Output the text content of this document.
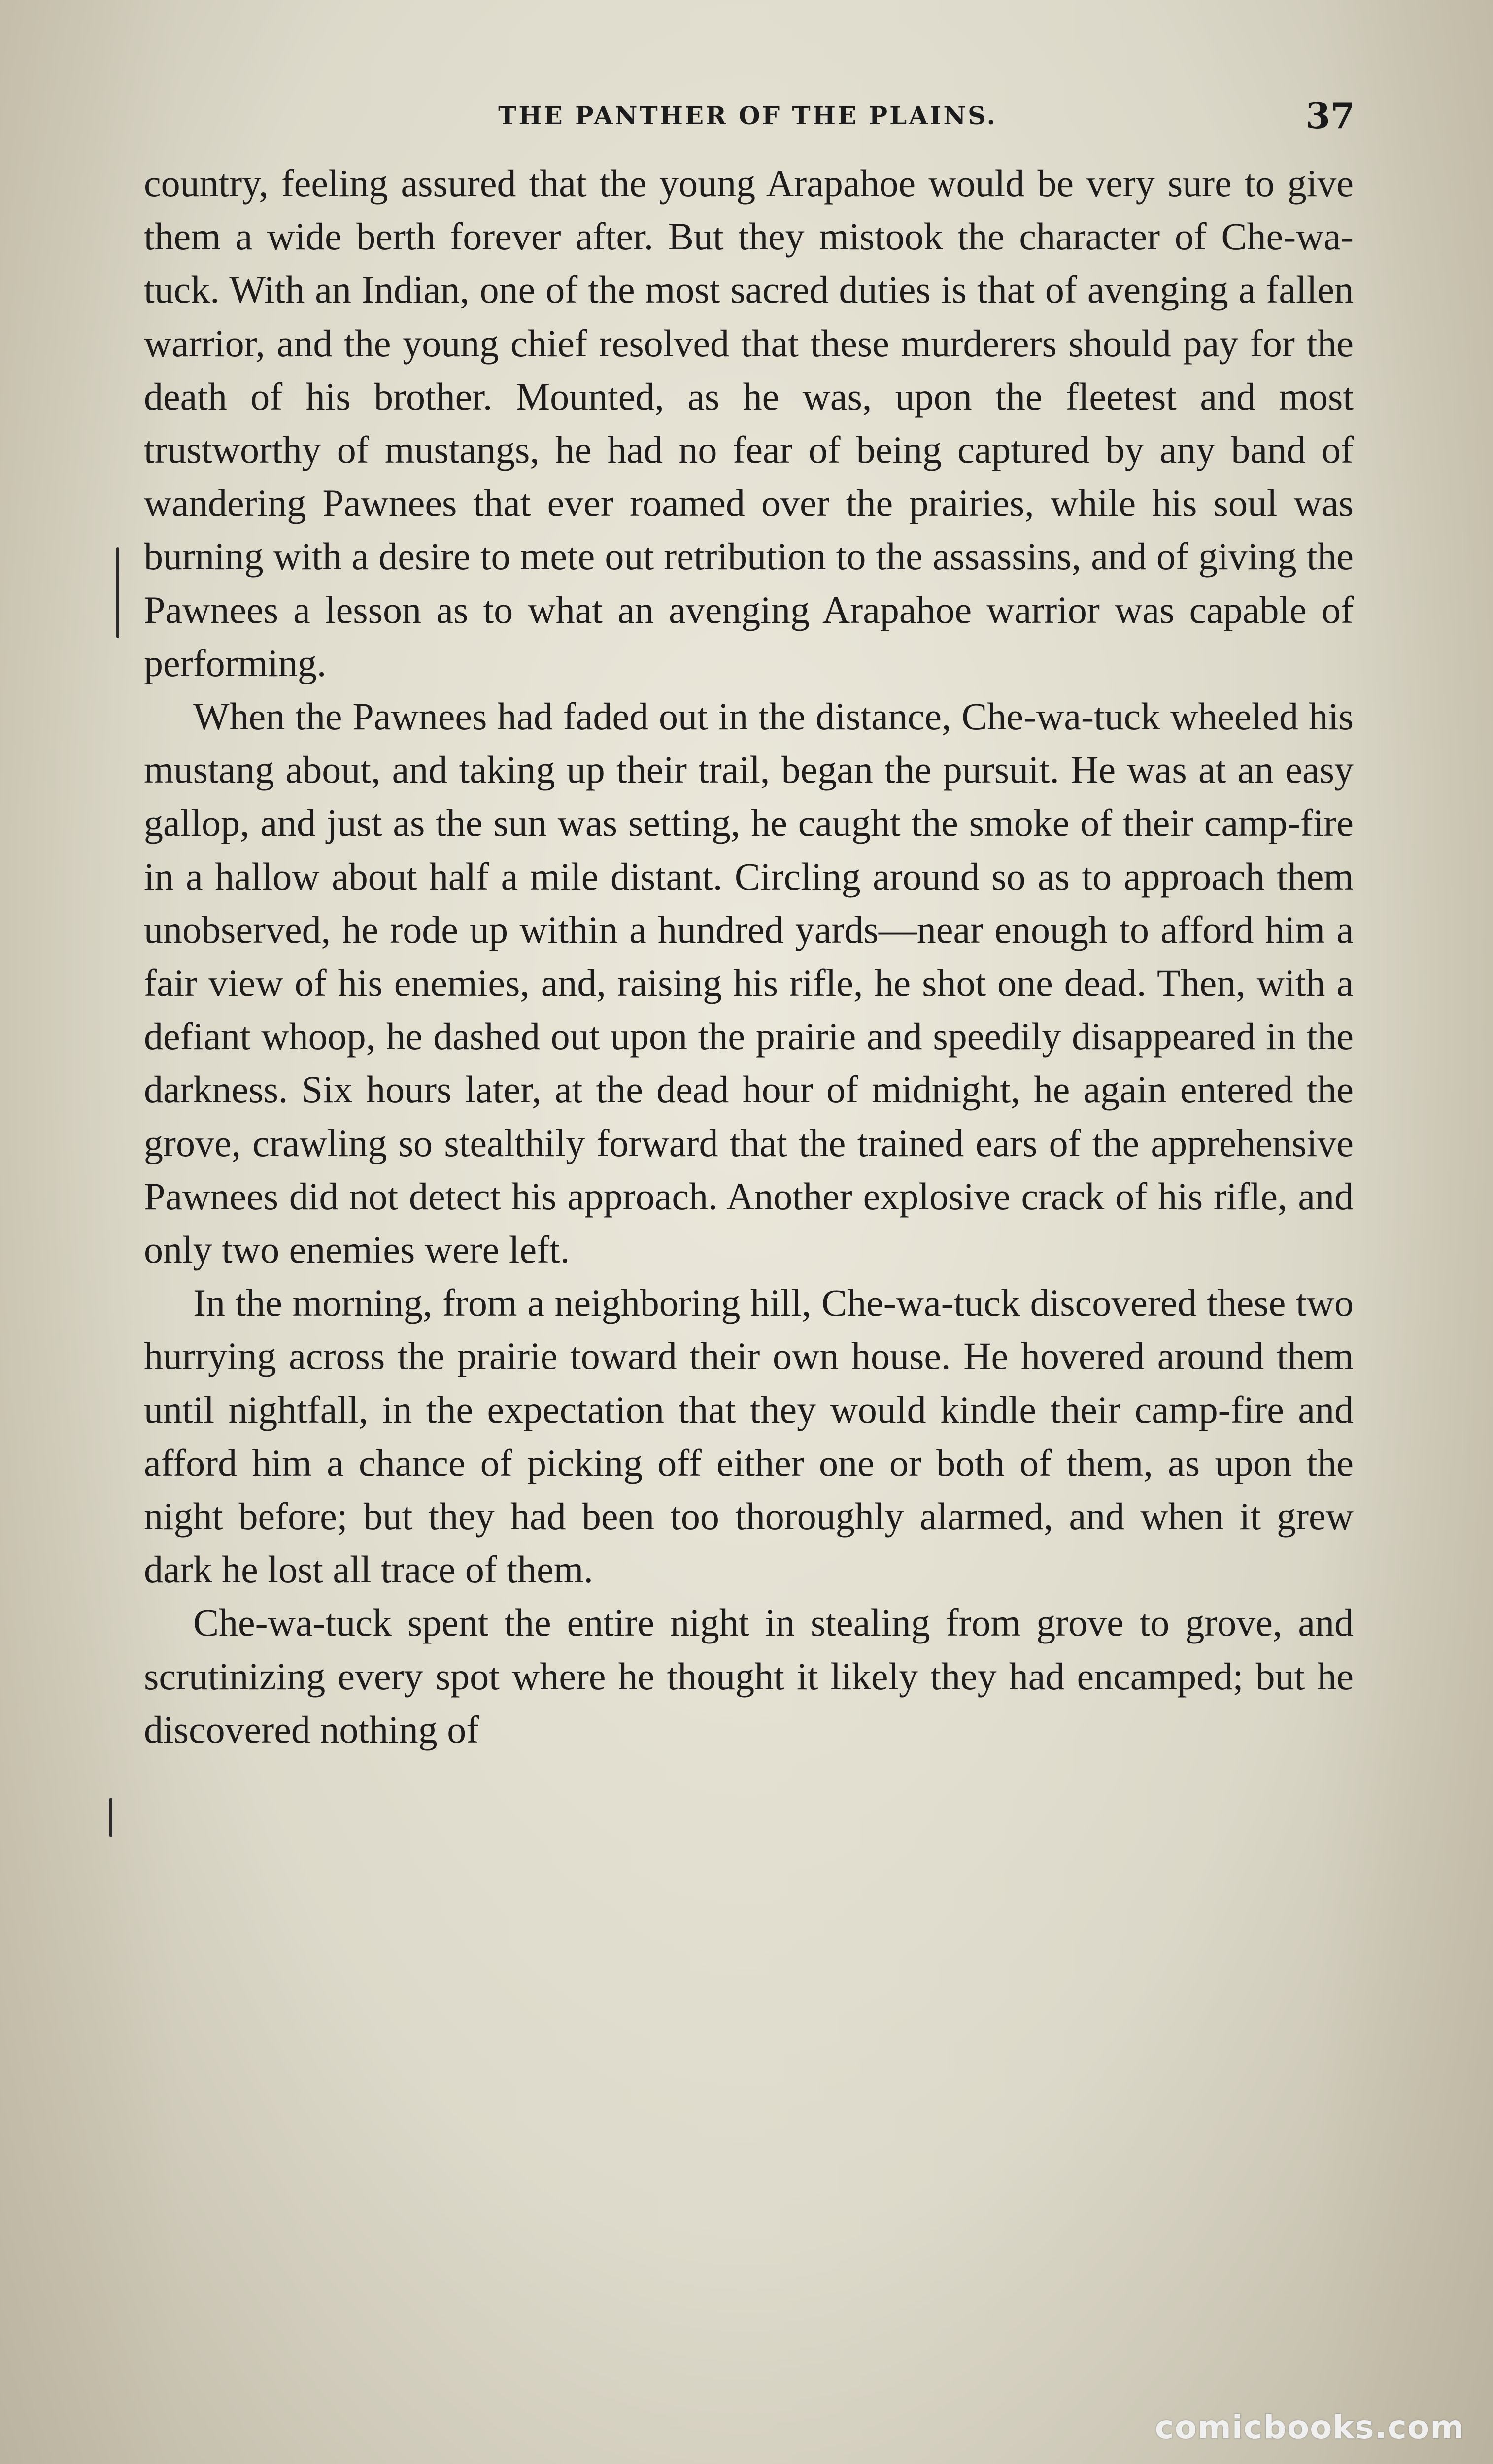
THE PANTHER OF THE PLAINS.	37

country, feeling assured that the young Arapahoe would be very sure to give them a wide berth forever after. But they mistook the character of Che-wa-tuck. With an Indian, one of the most sacred duties is that of avenging a fallen warrior, and the young chief resolved that these murderers should pay for the death of his brother. Mounted, as he was, upon the fleetest and most trustworthy of mustangs, he had no fear of being captured by any band of wandering Pawnees that ever roamed over the prairies, while his soul was burning with a desire to mete out retribution to the assassins, and of giving the Pawnees a lesson as to what an avenging Arapahoe warrior was capable of performing.

When the Pawnees had faded out in the distance, Che-wa-tuck wheeled his mustang about, and taking up their trail, began the pursuit. He was at an easy gallop, and just as the sun was setting, he caught the smoke of their camp-fire in a hallow about half a mile distant. Circling around so as to approach them unobserved, he rode up within a hundred yards—near enough to afford him a fair view of his enemies, and, raising his rifle, he shot one dead. Then, with a defiant whoop, he dashed out upon the prairie and speedily disappeared in the darkness. Six hours later, at the dead hour of midnight, he again entered the grove, crawling so stealthily forward that the trained ears of the apprehensive Pawnees did not detect his approach. Another explosive crack of his rifle, and only two enemies were left.

In the morning, from a neighboring hill, Che-wa-tuck discovered these two hurrying across the prairie toward their own house. He hovered around them until nightfall, in the expectation that they would kindle their camp-fire and afford him a chance of picking off either one or both of them, as upon the night before; but they had been too thoroughly alarmed, and when it grew dark he lost all trace of them.

Che-wa-tuck spent the entire night in stealing from grove to grove, and scrutinizing every spot where he thought it likely they had encamped; but he discovered nothing of

comicbooks.com
